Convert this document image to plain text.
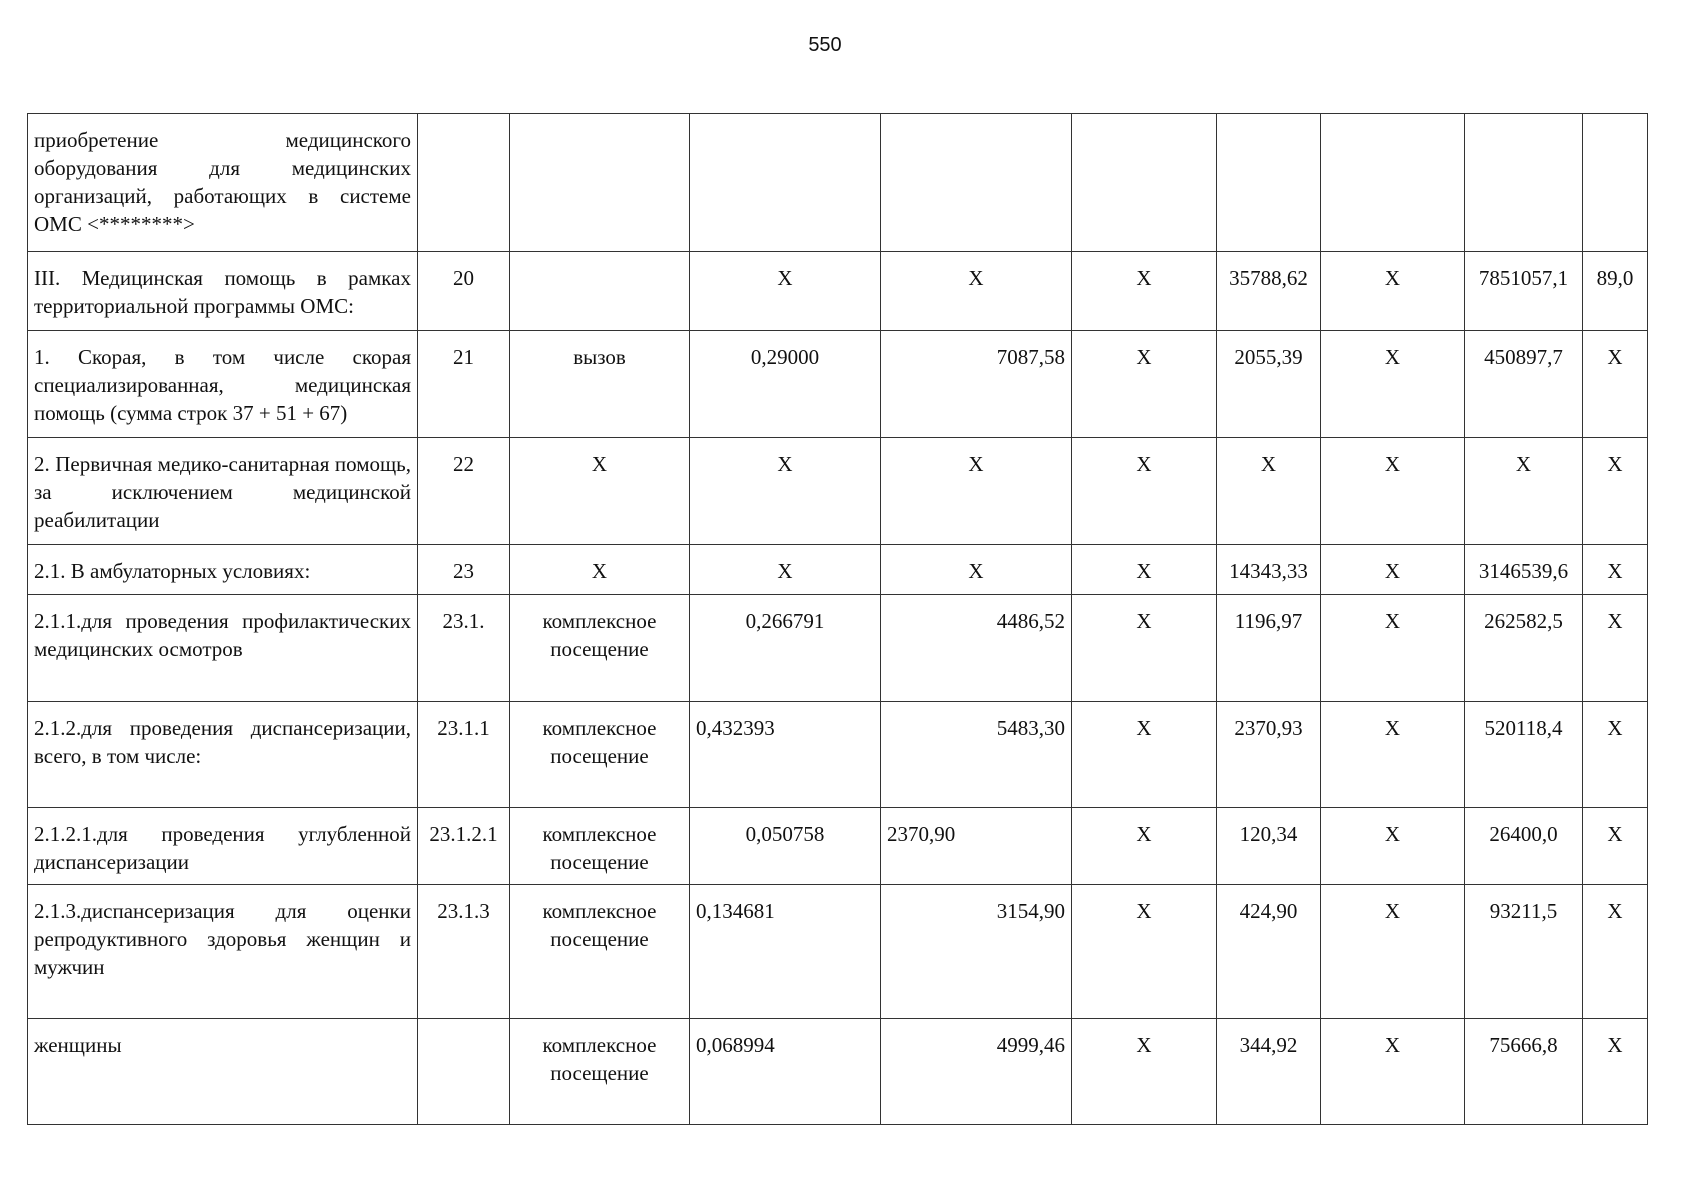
550
приобретение медицинского оборудования для медицинских организаций, работающих в системе ОМС <********>									
III. Медицинская помощь в рамках территориальной программы ОМС:	20		Х	Х	Х	35788,62	Х	7851057,1	89,0
1. Скорая, в том числе скорая специализированная, медицинская помощь (сумма строк 37 + 51 + 67)	21	вызов	0,29000	7087,58	Х	2055,39	Х	450897,7	Х
2. Первичная медико-санитарная помощь, за исключением медицинской реабилитации	22	Х	Х	Х	Х	Х	Х	Х	Х
2.1. В амбулаторных условиях:	23	Х	Х	Х	Х	14343,33	Х	3146539,6	Х
2.1.1.для проведения профилактических медицинских осмотров	23.1.	комплексное посещение	0,266791	4486,52	Х	1196,97	Х	262582,5	Х
2.1.2.для проведения диспансеризации, всего, в том числе:	23.1.1	комплексное посещение	0,432393	5483,30	Х	2370,93	Х	520118,4	Х
2.1.2.1.для проведения углубленной диспансеризации	23.1.2.1	комплексное посещение	0,050758	2370,90	Х	120,34	Х	26400,0	Х
2.1.3.диспансеризация для оценки репродуктивного здоровья женщин и мужчин	23.1.3	комплексное посещение	0,134681	3154,90	Х	424,90	Х	93211,5	Х
женщины		комплексное посещение	0,068994	4999,46	Х	344,92	Х	75666,8	Х
